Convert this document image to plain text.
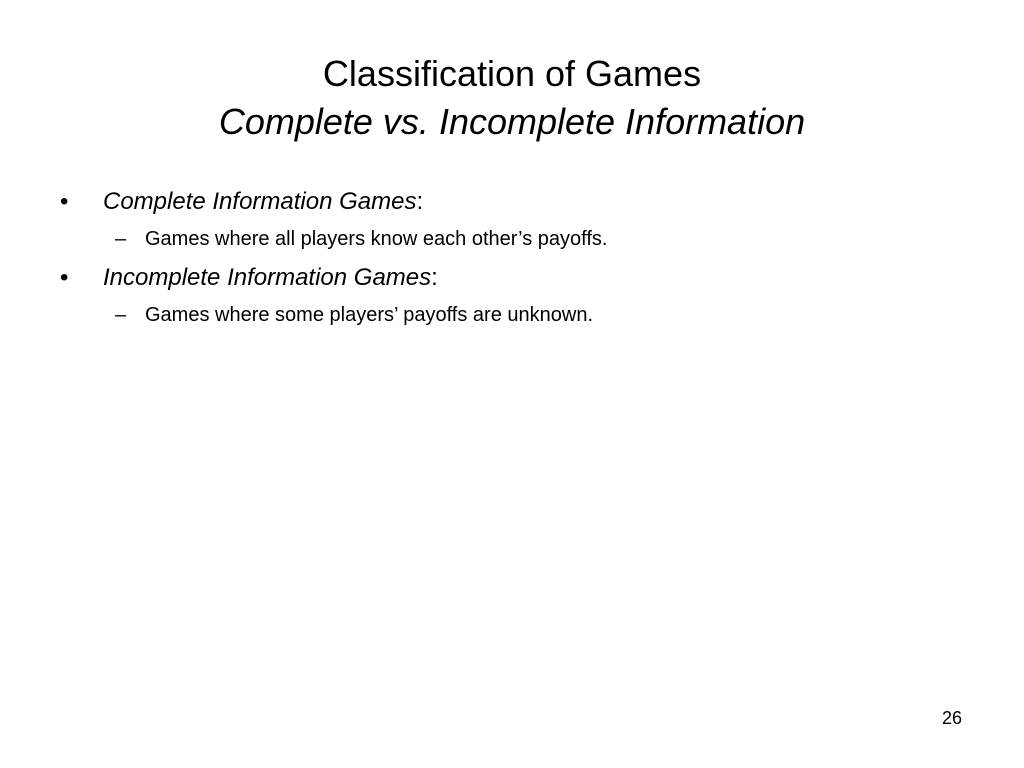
Classification of Games
Complete vs. Incomplete Information
• Complete Information Games:
– Games where all players know each other’s payoffs.
• Incomplete Information Games:
– Games where some players’ payoffs are unknown.
26
